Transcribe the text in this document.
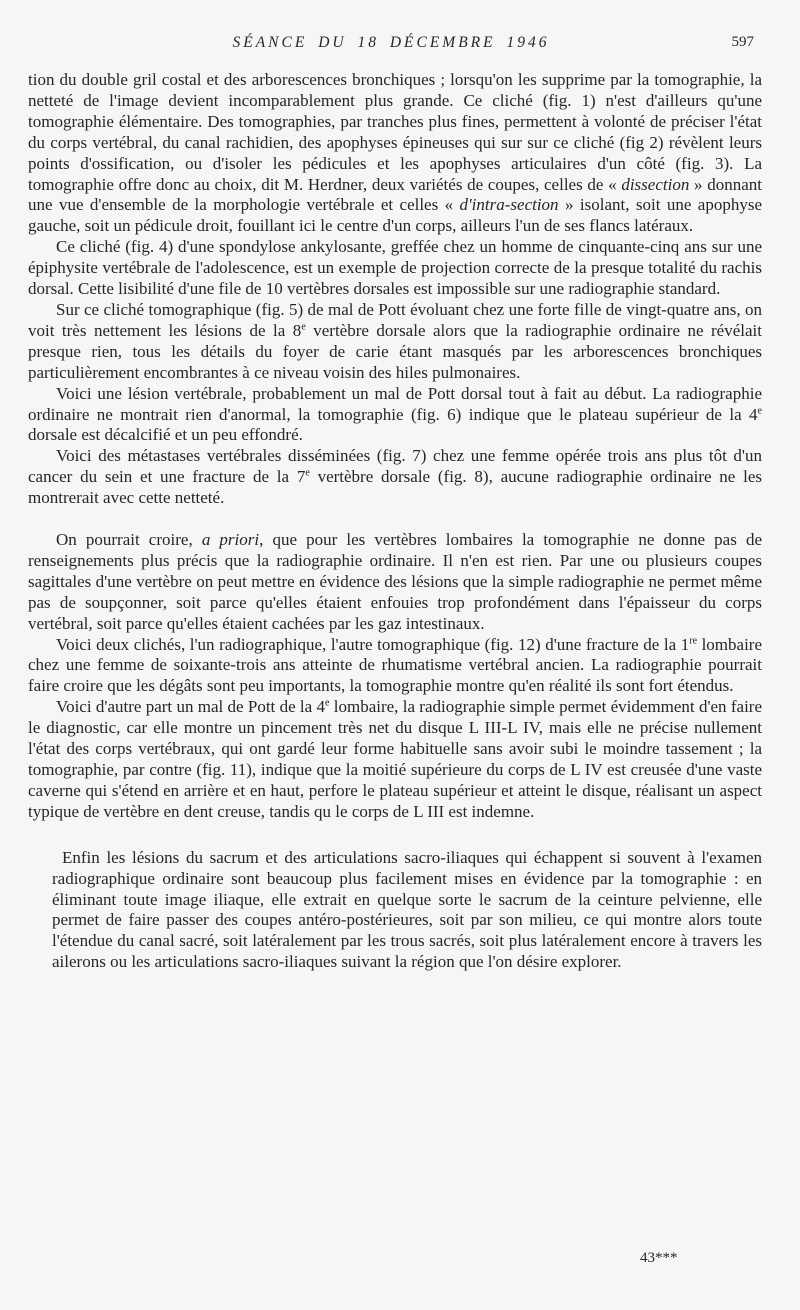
SÉANCE DU 18 DÉCEMBRE 1946	597

tion du double gril costal et des arborescences bronchiques ; lorsqu'on les supprime par la tomographie, la netteté de l'image devient incomparablement plus grande. Ce cliché (fig. 1) n'est d'ailleurs qu'une tomographie élémentaire. Des tomographies, par tranches plus fines, permettent à volonté de préciser l'état du corps vertébral, du canal rachidien, des apophyses épineuses qui sur sur ce cliché (fig 2) révèlent leurs points d'ossification, ou d'isoler les pédicules et les apophyses articulaires d'un côté (fig. 3). La tomographie offre donc au choix, dit M. Herdner, deux variétés de coupes, celles de « dissection » donnant une vue d'ensemble de la morphologie vertébrale et celles « d'intra-section » isolant, soit une apophyse gauche, soit un pédicule droit, fouillant ici le centre d'un corps, ailleurs l'un de ses flancs latéraux.

Ce cliché (fig. 4) d'une spondylose ankylosante, greffée chez un homme de cinquante-cinq ans sur une épiphysite vertébrale de l'adolescence, est un exemple de projection correcte de la presque totalité du rachis dorsal. Cette lisibilité d'une file de 10 vertèbres dorsales est impossible sur une radiographie standard.

Sur ce cliché tomographique (fig. 5) de mal de Pott évoluant chez une forte fille de vingt-quatre ans, on voit très nettement les lésions de la 8e vertèbre dorsale alors que la radiographie ordinaire ne révélait presque rien, tous les détails du foyer de carie étant masqués par les arborescences bronchiques particulièrement encombrantes à ce niveau voisin des hiles pulmonaires.

Voici une lésion vertébrale, probablement un mal de Pott dorsal tout à fait au début. La radiographie ordinaire ne montrait rien d'anormal, la tomographie (fig. 6) indique que le plateau supérieur de la 4e dorsale est décalcifié et un peu effondré.

Voici des métastases vertébrales disséminées (fig. 7) chez une femme opérée trois ans plus tôt d'un cancer du sein et une fracture de la 7e vertèbre dorsale (fig. 8), aucune radiographie ordinaire ne les montrerait avec cette netteté.

On pourrait croire, a priori, que pour les vertèbres lombaires la tomographie ne donne pas de renseignements plus précis que la radiographie ordinaire. Il n'en est rien. Par une ou plusieurs coupes sagittales d'une vertèbre on peut mettre en évidence des lésions que la simple radiographie ne permet même pas de soupçonner, soit parce qu'elles étaient enfouies trop profondément dans l'épaisseur du corps vertébral, soit parce qu'elles étaient cachées par les gaz intestinaux.

Voici deux clichés, l'un radiographique, l'autre tomographique (fig. 12) d'une fracture de la 1re lombaire chez une femme de soixante-trois ans atteinte de rhumatisme vertébral ancien. La radiographie pourrait faire croire que les dégâts sont peu importants, la tomographie montre qu'en réalité ils sont fort étendus.

Voici d'autre part un mal de Pott de la 4e lombaire, la radiographie simple permet évidemment d'en faire le diagnostic, car elle montre un pincement très net du disque L III-L IV, mais elle ne précise nullement l'état des corps vertébraux, qui ont gardé leur forme habituelle sans avoir subi le moindre tassement ; la tomographie, par contre (fig. 11), indique que la moitié supérieure du corps de L IV est creusée d'une vaste caverne qui s'étend en arrière et en haut, perfore le plateau supérieur et atteint le disque, réalisant un aspect typique de vertèbre en dent creuse, tandis qu le corps de L III est indemne.

Enfin les lésions du sacrum et des articulations sacro-iliaques qui échappent si souvent à l'examen radiographique ordinaire sont beaucoup plus facilement mises en évidence par la tomographie : en éliminant toute image iliaque, elle extrait en quelque sorte le sacrum de la ceinture pelvienne, elle permet de faire passer des coupes antéro-postérieures, soit par son milieu, ce qui montre alors toute l'étendue du canal sacré, soit latéralement par les trous sacrés, soit plus latéralement encore à travers les ailerons ou les articulations sacro-iliaques suivant la région que l'on désire explorer.

43***
